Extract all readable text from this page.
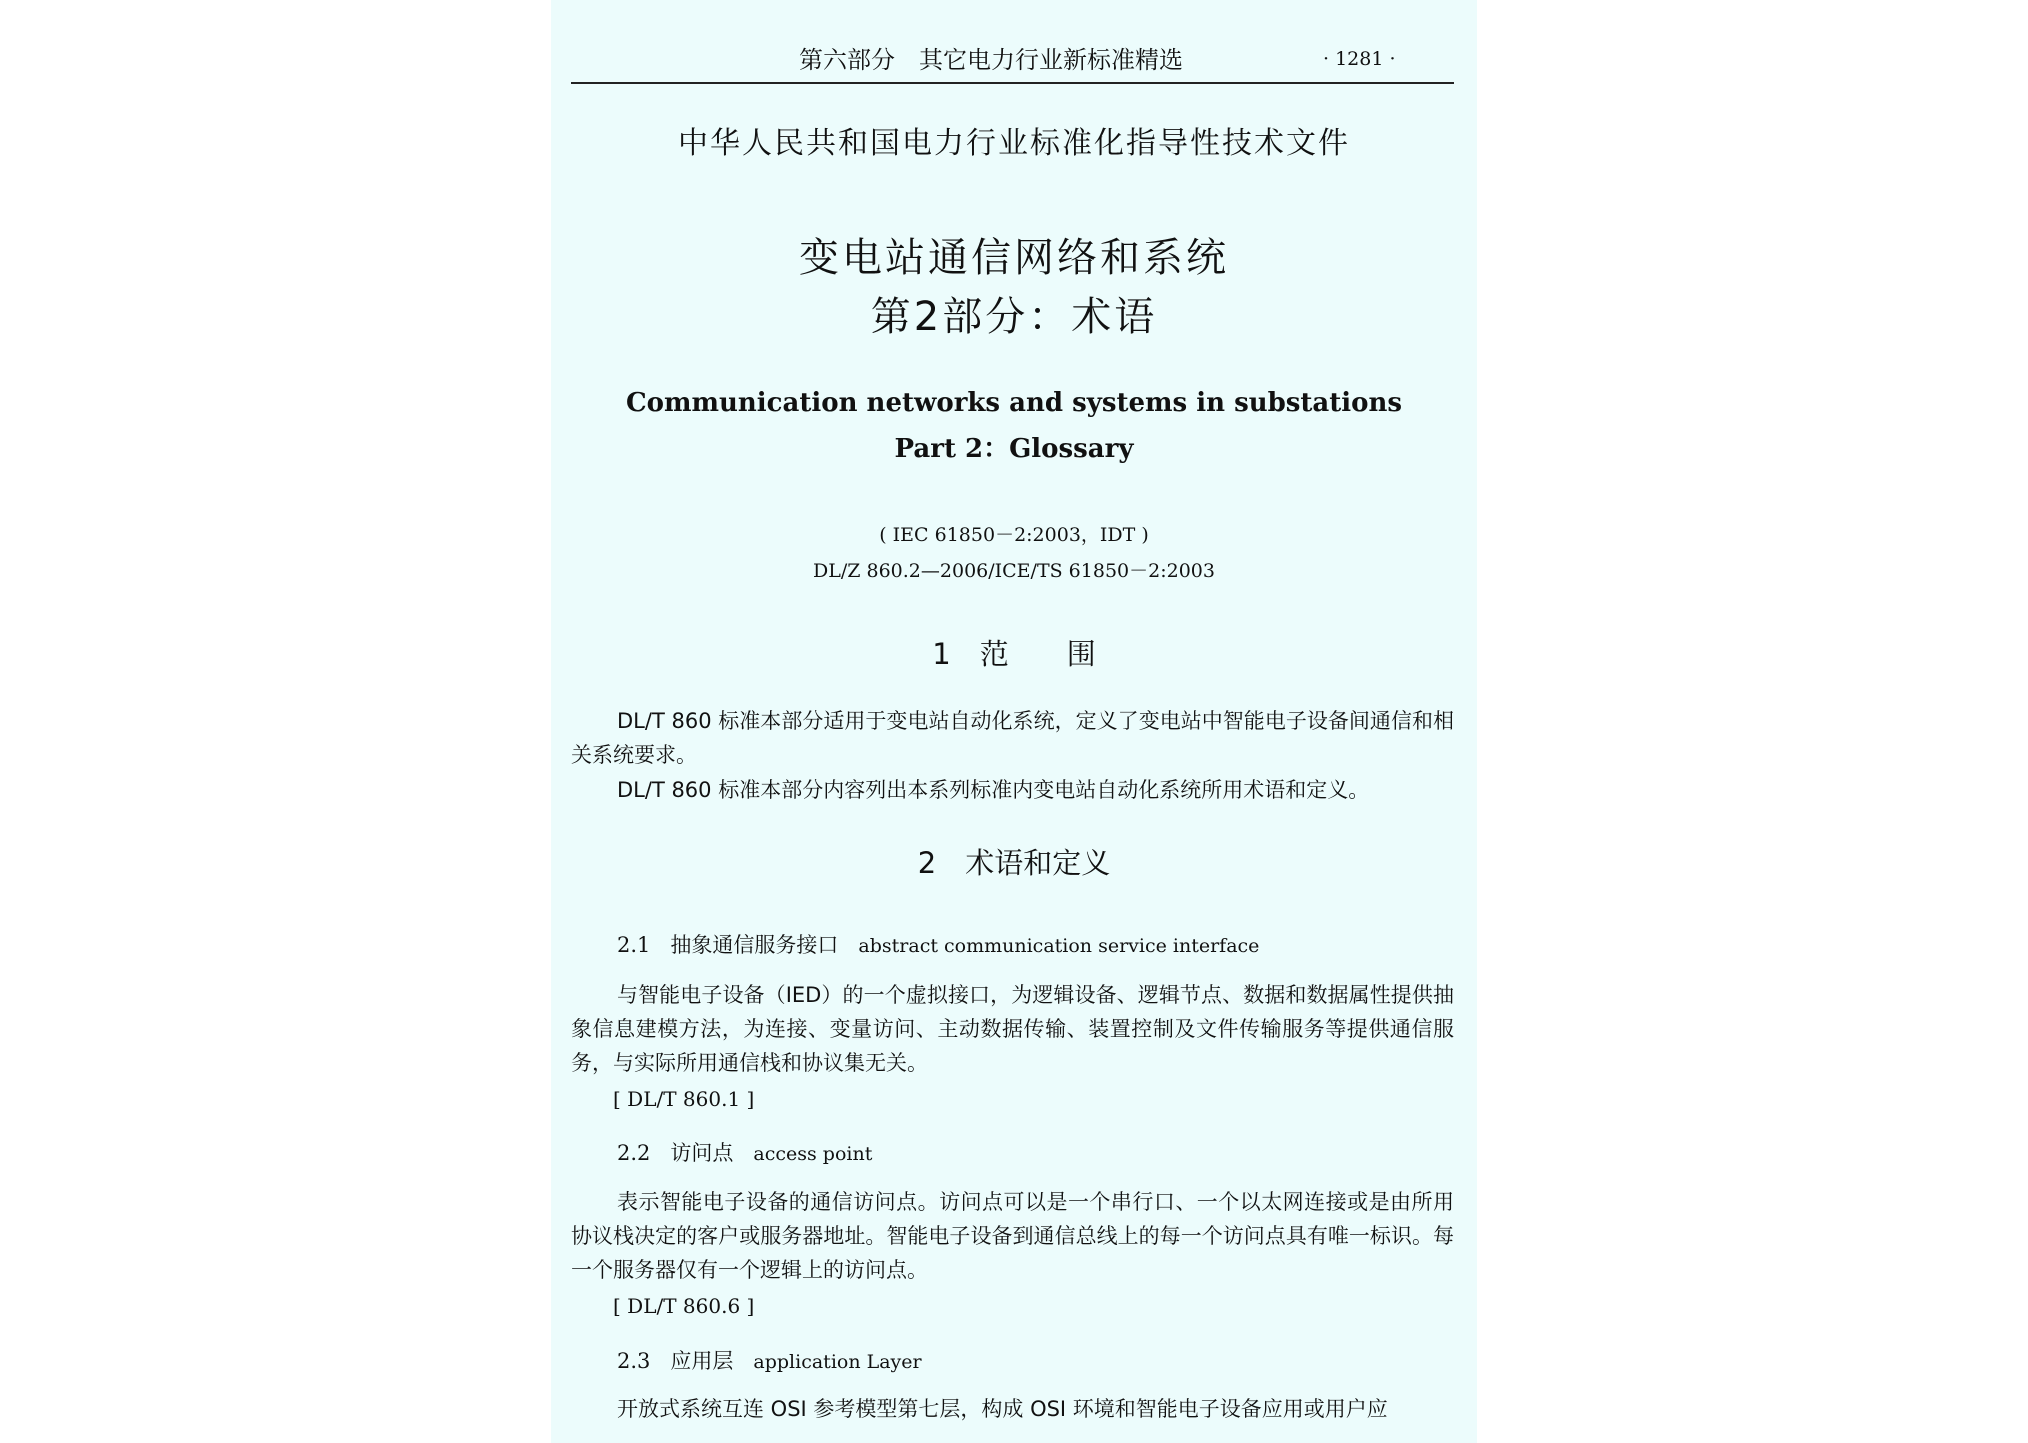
第六部分　其它电力行业新标准精选	· 1281 ·
中华人民共和国电力行业标准化指导性技术文件
变电站通信网络和系统
第2部分：术语
Communication networks and systems in substations
Part 2：Glossary
( IEC 61850－2:2003，IDT )
DL/Z 860.2—2006/ICE/TS 61850－2:2003
1　范　　围
DL/T 860 标准本部分适用于变电站自动化系统，定义了变电站中智能电子设备间通信和相关系统要求。
DL/T 860 标准本部分内容列出本系列标准内变电站自动化系统所用术语和定义。
2　术语和定义
2.1 抽象通信服务接口 abstract communication service interface
与智能电子设备（IED）的一个虚拟接口，为逻辑设备、逻辑节点、数据和数据属性提供抽象信息建模方法，为连接、变量访问、主动数据传输、装置控制及文件传输服务等提供通信服务，与实际所用通信栈和协议集无关。
[ DL/T 860.1 ]
2.2 访问点 access point
表示智能电子设备的通信访问点。访问点可以是一个串行口、一个以太网连接或是由所用协议栈决定的客户或服务器地址。智能电子设备到通信总线上的每一个访问点具有唯一标识。每一个服务器仅有一个逻辑上的访问点。
[ DL/T 860.6 ]
2.3 应用层 application Layer
开放式系统互连 OSI 参考模型第七层，构成 OSI 环境和智能电子设备应用或用户应
